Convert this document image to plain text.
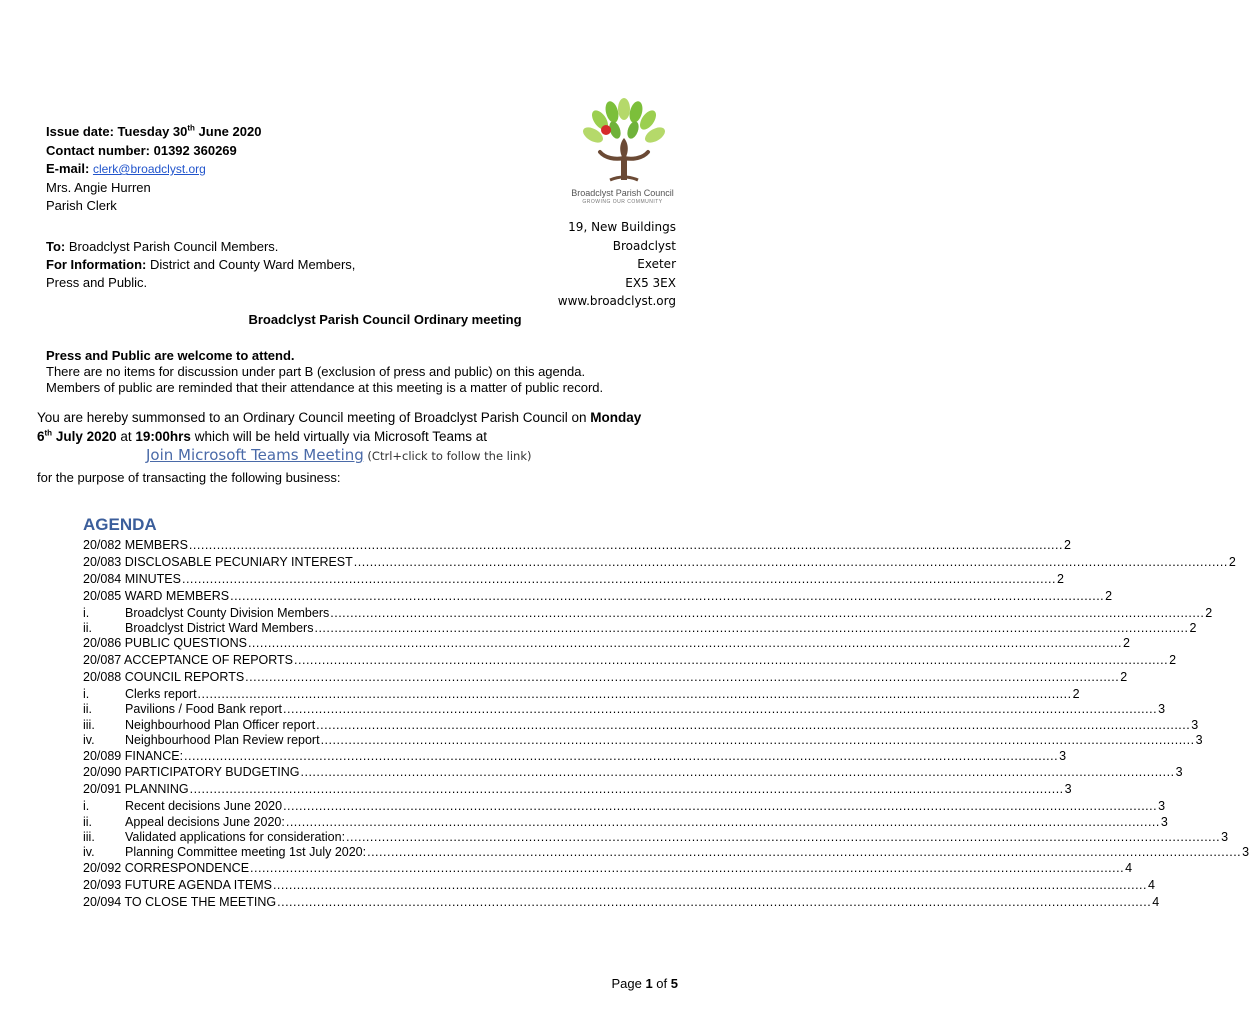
Issue date: Tuesday 30th June 2020
Contact number: 01392 360269
E-mail: clerk@broadclyst.org
Mrs. Angie Hurren
Parish Clerk
Broadclyst Parish Council
GROWING OUR COMMUNITY
19, New Buildings
Broadclyst
Exeter
EX5 3EX
www.broadclyst.org
To: Broadclyst Parish Council Members.
For Information: District and County Ward Members,
Press and Public.
Broadclyst Parish Council Ordinary meeting
Press and Public are welcome to attend.
There are no items for discussion under part B (exclusion of press and public) on this agenda.
Members of public are reminded that their attendance at this meeting is a matter of public record.
You are hereby summonsed to an Ordinary Council meeting of Broadclyst Parish Council on Monday
6th July 2020 at 19:00hrs which will be held virtually via Microsoft Teams at
Join Microsoft Teams Meeting (Ctrl+click to follow the link)
for the purpose of transacting the following business:
AGENDA
20/082 MEMBERS ............................................................................................................................................................................................................................ 2
20/083 DISCLOSABLE PECUNIARY INTEREST ............................................................................................................................................................................................................................ 2
20/084 MINUTES ............................................................................................................................................................................................................................ 2
20/085 WARD MEMBERS ............................................................................................................................................................................................................................ 2
i.	Broadclyst County Division Members ............................................................................................................................................................................................................................ 2
ii.	Broadclyst District Ward Members ............................................................................................................................................................................................................................ 2
20/086 PUBLIC QUESTIONS ............................................................................................................................................................................................................................ 2
20/087 ACCEPTANCE OF REPORTS ............................................................................................................................................................................................................................ 2
20/088 COUNCIL REPORTS ............................................................................................................................................................................................................................ 2
i.	Clerks report ............................................................................................................................................................................................................................ 2
ii.	Pavilions / Food Bank report ............................................................................................................................................................................................................................ 3
iii.	Neighbourhood Plan Officer report ............................................................................................................................................................................................................................ 3
iv.	Neighbourhood Plan Review report ............................................................................................................................................................................................................................ 3
20/089 FINANCE: ............................................................................................................................................................................................................................ 3
20/090 PARTICIPATORY BUDGETING ............................................................................................................................................................................................................................ 3
20/091 PLANNING ............................................................................................................................................................................................................................ 3
i.	Recent decisions June 2020 ............................................................................................................................................................................................................................ 3
ii.	Appeal decisions June 2020: ............................................................................................................................................................................................................................ 3
iii.	Validated applications for consideration: ............................................................................................................................................................................................................................ 3
iv.	Planning Committee meeting 1st July 2020: ............................................................................................................................................................................................................................ 3
20/092 CORRESPONDENCE ............................................................................................................................................................................................................................ 4
20/093 FUTURE AGENDA ITEMS ............................................................................................................................................................................................................................ 4
20/094 TO CLOSE THE MEETING ............................................................................................................................................................................................................................ 4
Page 1 of 5
